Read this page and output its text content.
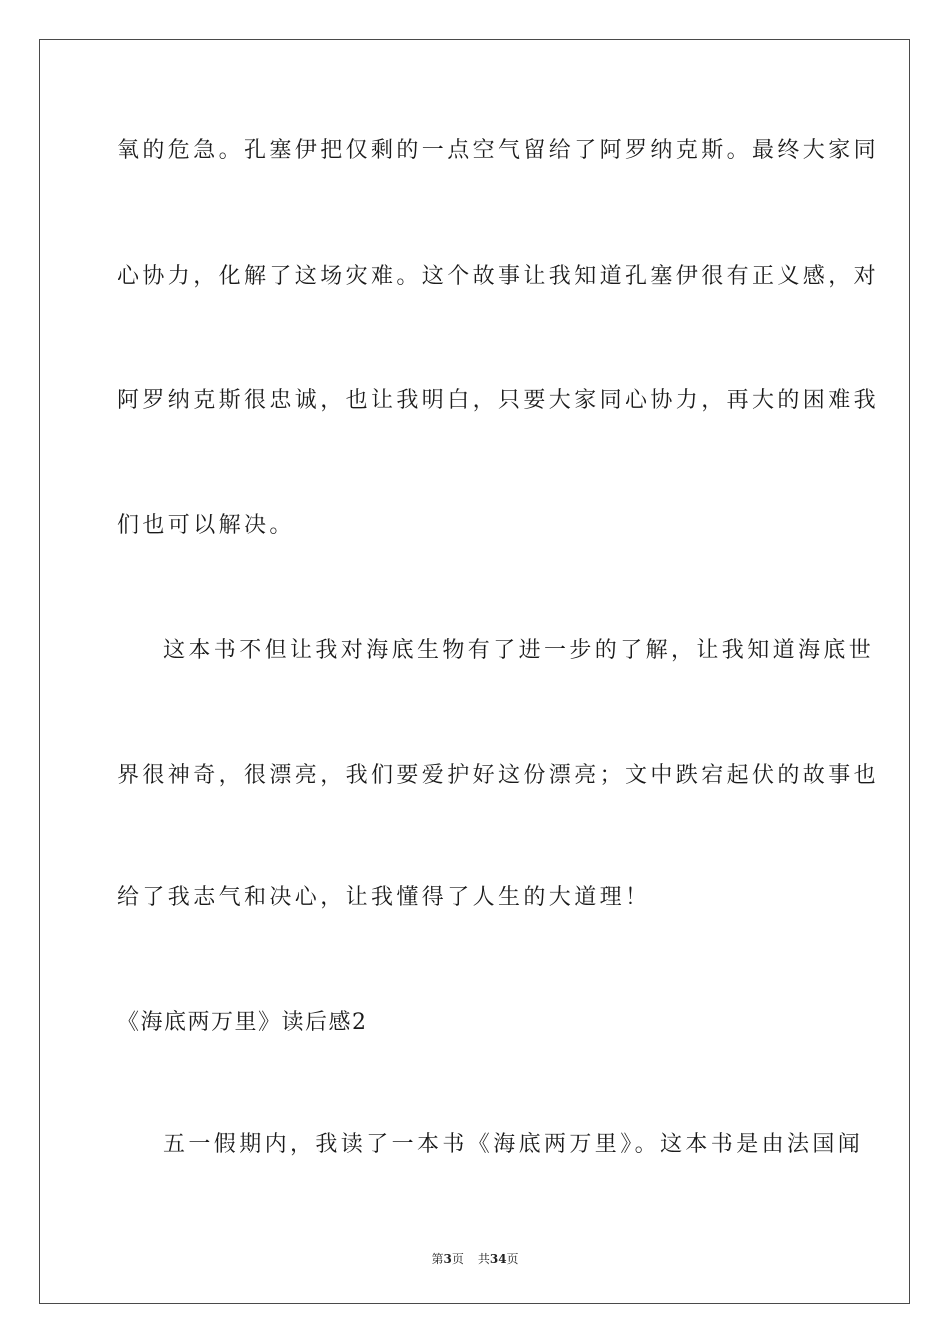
氧的危急。孔塞伊把仅剩的一点空气留给了阿罗纳克斯。最终大家同
心协力，化解了这场灾难。这个故事让我知道孔塞伊很有正义感，对
阿罗纳克斯很忠诚，也让我明白，只要大家同心协力，再大的困难我
们也可以解决。
这本书不但让我对海底生物有了进一步的了解，让我知道海底世
界很神奇，很漂亮，我们要爱护好这份漂亮；文中跌宕起伏的故事也
给了我志气和决心，让我懂得了人生的大道理！
《海底两万里》读后感2
五一假期内，我读了一本书《海底两万里》。这本书是由法国闻
第3页 共34页
